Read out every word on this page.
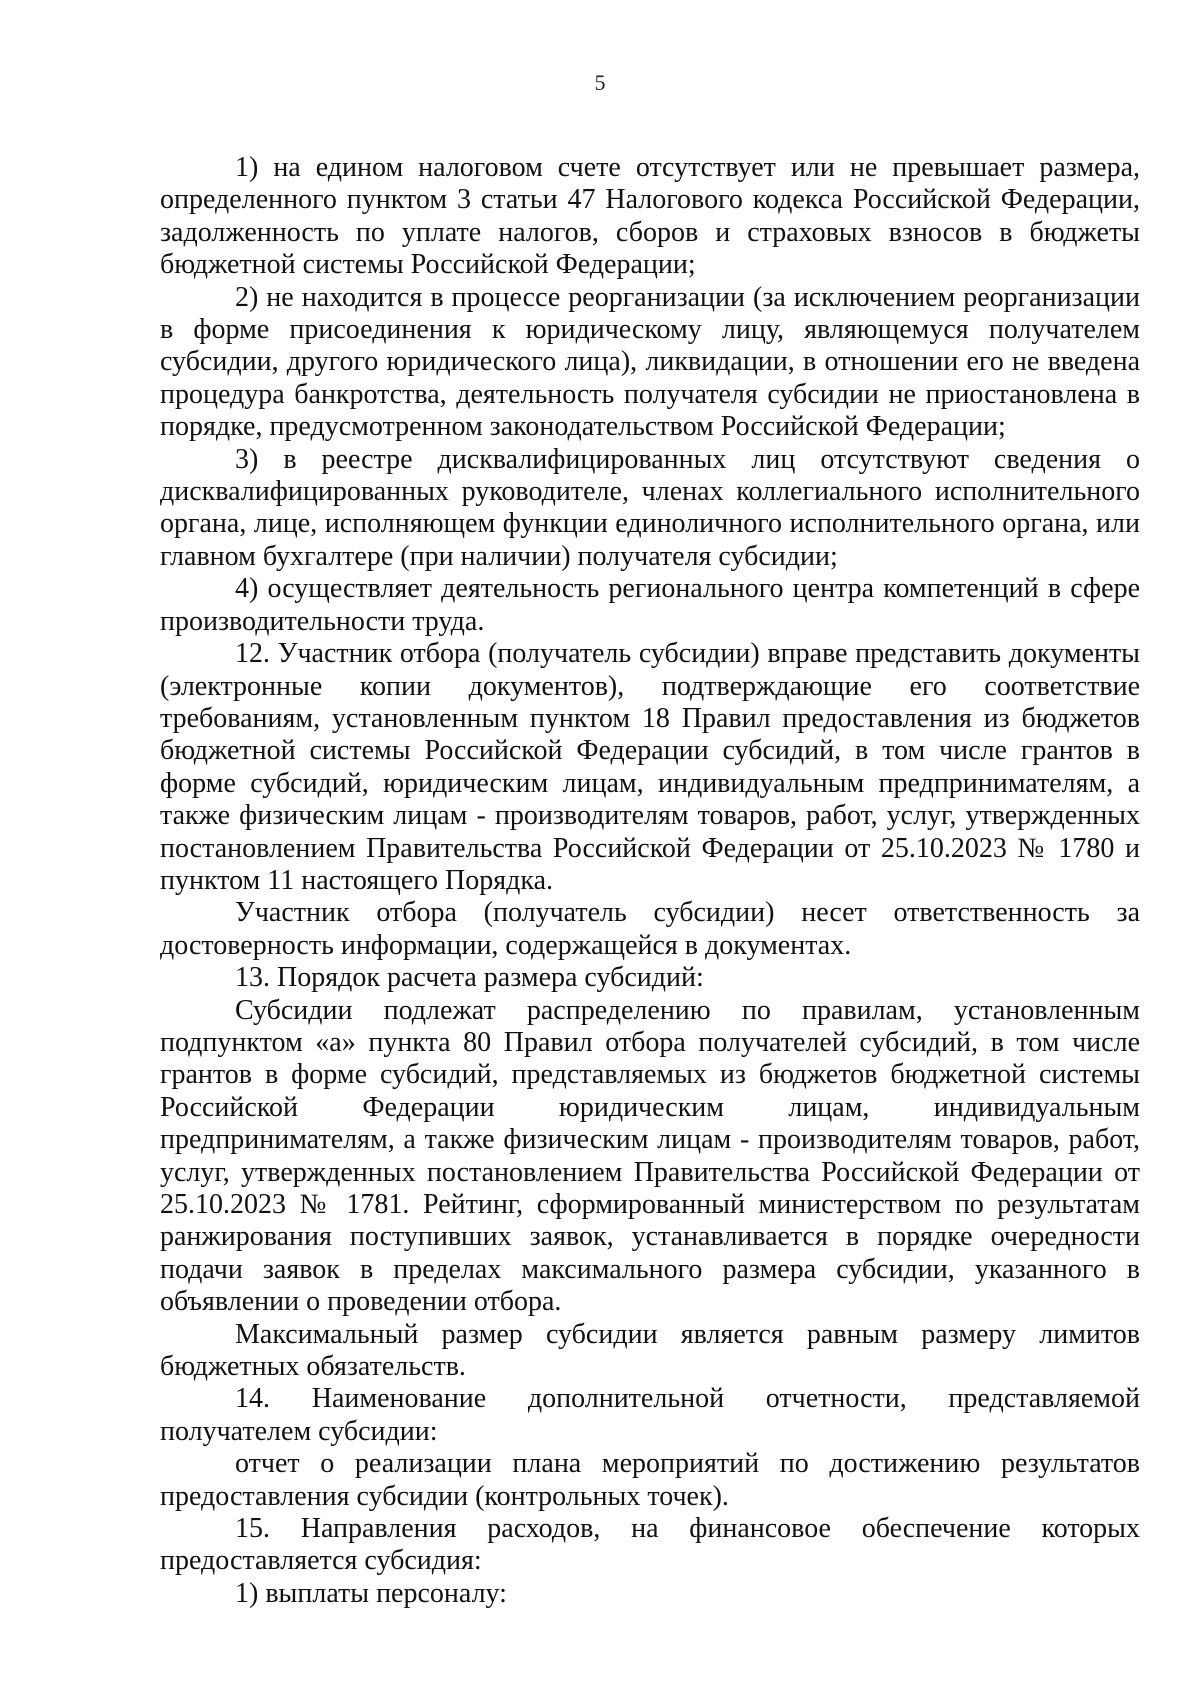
5

1) на едином налоговом счете отсутствует или не превышает размера, определенного пунктом 3 статьи 47 Налогового кодекса Российской Федерации, задолженность по уплате налогов, сборов и страховых взносов в бюджеты бюджетной системы Российской Федерации;

2) не находится в процессе реорганизации (за исключением реорганизации в форме присоединения к юридическому лицу, являющемуся получателем субсидии, другого юридического лица), ликвидации, в отношении его не введена процедура банкротства, деятельность получателя субсидии не приостановлена в порядке, предусмотренном законодательством Российской Федерации;

3) в реестре дисквалифицированных лиц отсутствуют сведения о дисквалифицированных руководителе, членах коллегиального исполнительного органа, лице, исполняющем функции единоличного исполнительного органа, или главном бухгалтере (при наличии) получателя субсидии;

4) осуществляет деятельность регионального центра компетенций в сфере производительности труда.

12. Участник отбора (получатель субсидии) вправе представить документы (электронные копии документов), подтверждающие его соответствие требованиям, установленным пунктом 18 Правил предоставления из бюджетов бюджетной системы Российской Федерации субсидий, в том числе грантов в форме субсидий, юридическим лицам, индивидуальным предпринимателям, а также физическим лицам - производителям товаров, работ, услуг, утвержденных постановлением Правительства Российской Федерации от 25.10.2023 № 1780 и пунктом 11 настоящего Порядка.

Участник отбора (получатель субсидии) несет ответственность за достоверность информации, содержащейся в документах.

13. Порядок расчета размера субсидий:

Субсидии подлежат распределению по правилам, установленным подпунктом «а» пункта 80 Правил отбора получателей субсидий, в том числе грантов в форме субсидий, представляемых из бюджетов бюджетной системы Российской Федерации юридическим лицам, индивидуальным предпринимателям, а также физическим лицам - производителям товаров, работ, услуг, утвержденных постановлением Правительства Российской Федерации от 25.10.2023 № 1781. Рейтинг, сформированный министерством по результатам ранжирования поступивших заявок, устанавливается в порядке очередности подачи заявок в пределах максимального размера субсидии, указанного в объявлении о проведении отбора.

Максимальный размер субсидии является равным размеру лимитов бюджетных обязательств.

14. Наименование дополнительной отчетности, представляемой получателем субсидии:

отчет о реализации плана мероприятий по достижению результатов предоставления субсидии (контрольных точек).

15. Направления расходов, на финансовое обеспечение которых предоставляется субсидия:

1) выплаты персоналу:
